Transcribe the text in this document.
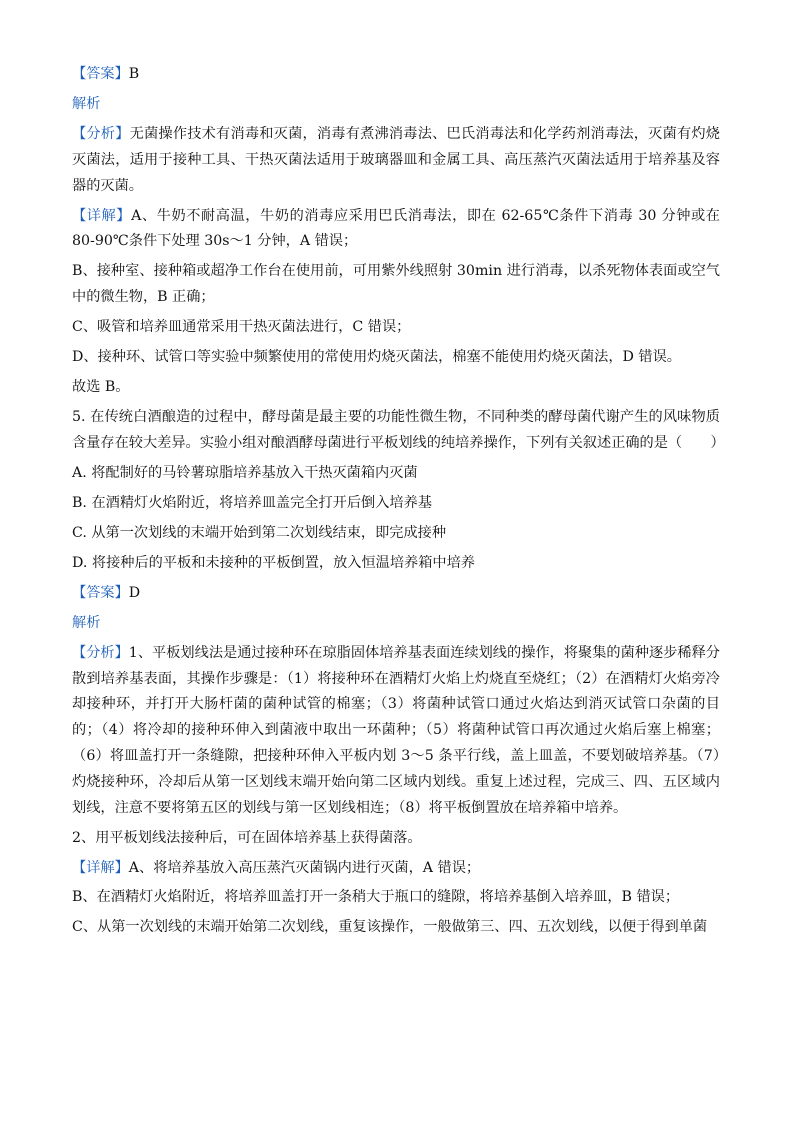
【答案】B

解析

【分析】无菌操作技术有消毒和灭菌，消毒有煮沸消毒法、巴氏消毒法和化学药剂消毒法，灭菌有灼烧灭菌法，适用于接种工具、干热灭菌法适用于玻璃器皿和金属工具、高压蒸汽灭菌法适用于培养基及容器的灭菌。

【详解】A、牛奶不耐高温，牛奶的消毒应采用巴氏消毒法，即在 62-65℃条件下消毒 30 分钟或在 80-90℃条件下处理 30s～1 分钟，A 错误；

B、接种室、接种箱或超净工作台在使用前，可用紫外线照射 30min 进行消毒，以杀死物体表面或空气中的微生物，B 正确；

C、吸管和培养皿通常采用干热灭菌法进行，C 错误；

D、接种环、试管口等实验中频繁使用的常使用灼烧灭菌法，棉塞不能使用灼烧灭菌法，D 错误。

故选 B。

5. 在传统白酒酿造的过程中，酵母菌是最主要的功能性微生物，不同种类的酵母菌代谢产生的风味物质含量存在较大差异。实验小组对酿酒酵母菌进行平板划线的纯培养操作，下列有关叙述正确的是（　　）

A. 将配制好的马铃薯琼脂培养基放入干热灭菌箱内灭菌

B. 在酒精灯火焰附近，将培养皿盖完全打开后倒入培养基

C. 从第一次划线的末端开始到第二次划线结束，即完成接种

D. 将接种后的平板和未接种的平板倒置，放入恒温培养箱中培养

【答案】D

解析

【分析】1、平板划线法是通过接种环在琼脂固体培养基表面连续划线的操作，将聚集的菌种逐步稀释分散到培养基表面，其操作步骤是：（1）将接种环在酒精灯火焰上灼烧直至烧红；（2）在酒精灯火焰旁冷却接种环，并打开大肠杆菌的菌种试管的棉塞；（3）将菌种试管口通过火焰达到消灭试管口杂菌的目的；（4）将冷却的接种环伸入到菌液中取出一环菌种；（5）将菌种试管口再次通过火焰后塞上棉塞；（6）将皿盖打开一条缝隙，把接种环伸入平板内划 3～5 条平行线，盖上皿盖，不要划破培养基。（7）灼烧接种环，冷却后从第一区划线末端开始向第二区域内划线。重复上述过程，完成三、四、五区域内划线，注意不要将第五区的划线与第一区划线相连；（8）将平板倒置放在培养箱中培养。

2、用平板划线法接种后，可在固体培养基上获得菌落。

【详解】A、将培养基放入高压蒸汽灭菌锅内进行灭菌，A 错误；

B、在酒精灯火焰附近，将培养皿盖打开一条稍大于瓶口的缝隙，将培养基倒入培养皿，B 错误；

C、从第一次划线的末端开始第二次划线，重复该操作，一般做第三、四、五次划线，以便于得到单菌
